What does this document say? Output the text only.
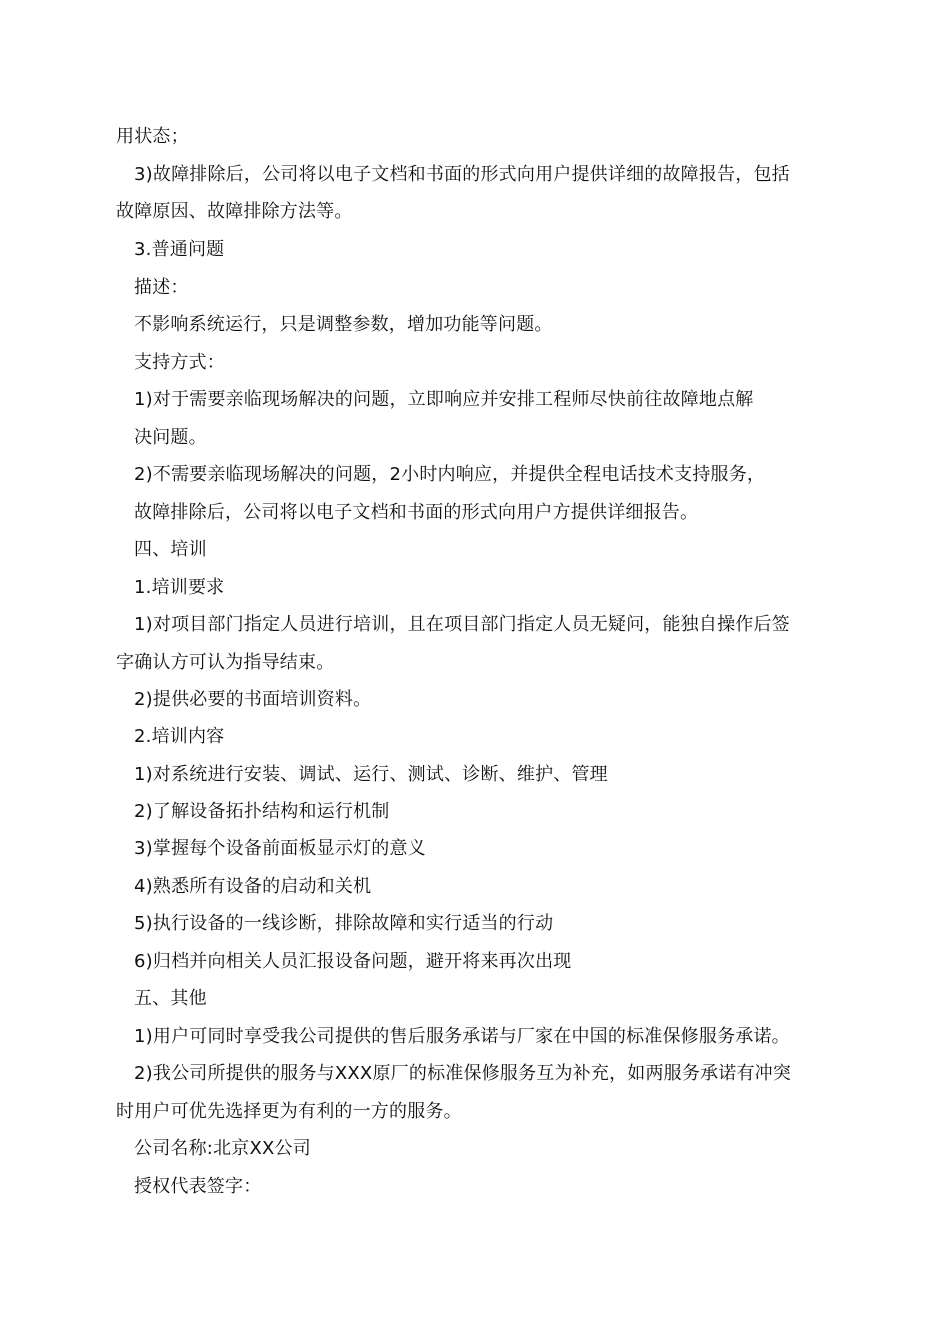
用状态；
3)故障排除后，公司将以电子文档和书面的形式向用户提供详细的故障报告，包括
故障原因、故障排除方法等。
3.普通问题
描述：
不影响系统运行，只是调整参数，增加功能等问题。
支持方式：
1)对于需要亲临现场解决的问题，立即响应并安排工程师尽快前往故障地点解
决问题。
2)不需要亲临现场解决的问题，2小时内响应，并提供全程电话技术支持服务，
故障排除后，公司将以电子文档和书面的形式向用户方提供详细报告。
四、培训
1.培训要求
1)对项目部门指定人员进行培训，且在项目部门指定人员无疑问，能独自操作后签
字确认方可认为指导结束。
2)提供必要的书面培训资料。
2.培训内容
1)对系统进行安装、调试、运行、测试、诊断、维护、管理
2)了解设备拓扑结构和运行机制
3)掌握每个设备前面板显示灯的意义
4)熟悉所有设备的启动和关机
5)执行设备的一线诊断，排除故障和实行适当的行动
6)归档并向相关人员汇报设备问题，避开将来再次出现
五、其他
1)用户可同时享受我公司提供的售后服务承诺与厂家在中国的标准保修服务承诺。
2)我公司所提供的服务与XXX原厂的标准保修服务互为补充，如两服务承诺有冲突
时用户可优先选择更为有利的一方的服务。
公司名称:北京XX公司
授权代表签字：
